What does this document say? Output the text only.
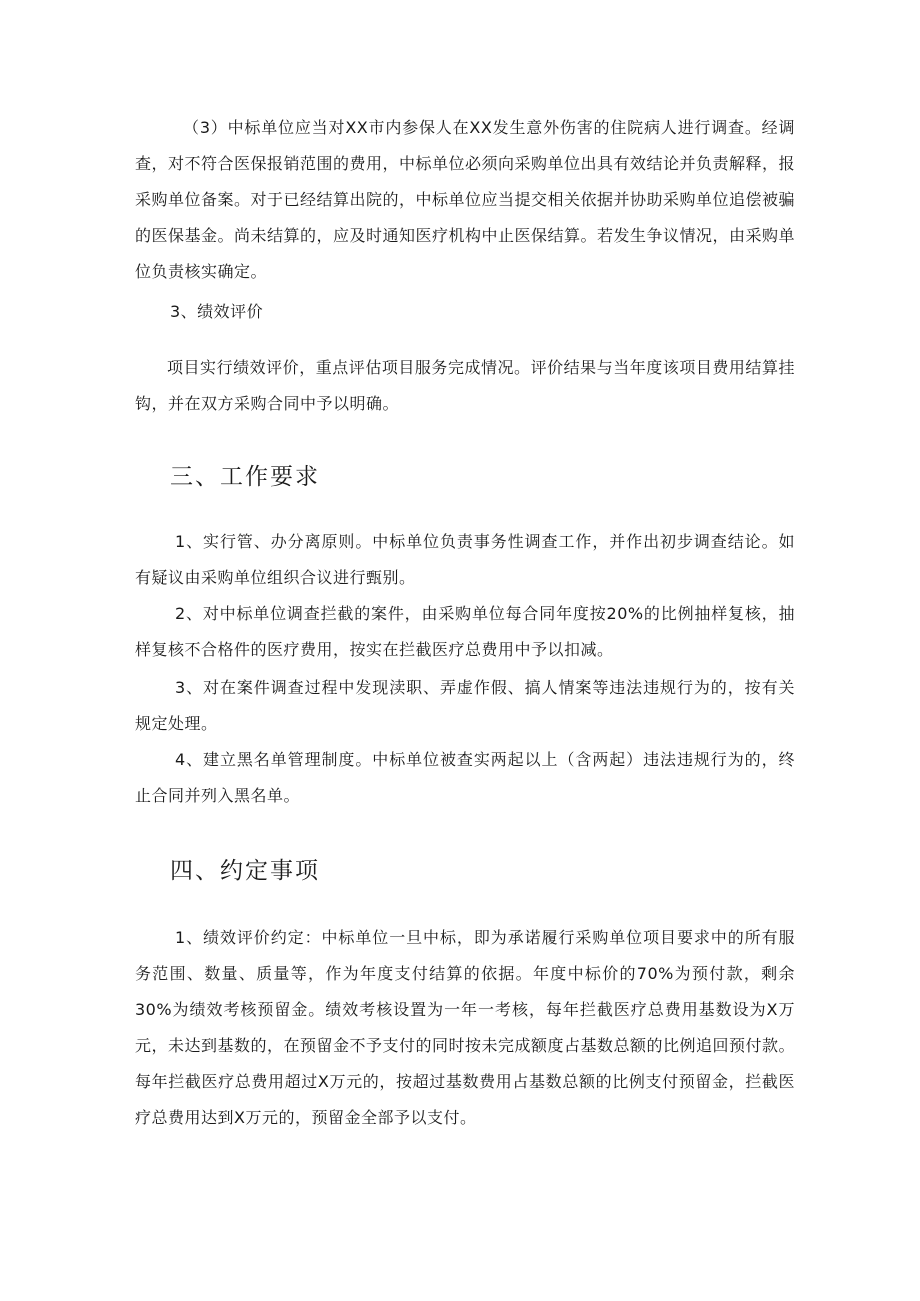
（3）中标单位应当对XX市内参保人在XX发生意外伤害的住院病人进行调查。经调查，对不符合医保报销范围的费用，中标单位必须向采购单位出具有效结论并负责解释，报采购单位备案。对于已经结算出院的，中标单位应当提交相关依据并协助采购单位追偿被骗的医保基金。尚未结算的，应及时通知医疗机构中止医保结算。若发生争议情况，由采购单位负责核实确定。

3、绩效评价

项目实行绩效评价，重点评估项目服务完成情况。评价结果与当年度该项目费用结算挂钩，并在双方采购合同中予以明确。

三、工作要求

1、实行管、办分离原则。中标单位负责事务性调查工作，并作出初步调查结论。如有疑议由采购单位组织合议进行甄别。

2、对中标单位调查拦截的案件，由采购单位每合同年度按20%的比例抽样复核，抽样复核不合格件的医疗费用，按实在拦截医疗总费用中予以扣减。

3、对在案件调查过程中发现渎职、弄虚作假、搞人情案等违法违规行为的，按有关规定处理。

4、建立黑名单管理制度。中标单位被查实两起以上（含两起）违法违规行为的，终止合同并列入黑名单。

四、约定事项

1、绩效评价约定：中标单位一旦中标，即为承诺履行采购单位项目要求中的所有服务范围、数量、质量等，作为年度支付结算的依据。年度中标价的70%为预付款，剩余30%为绩效考核预留金。绩效考核设置为一年一考核，每年拦截医疗总费用基数设为X万元，未达到基数的，在预留金不予支付的同时按未完成额度占基数总额的比例追回预付款。每年拦截医疗总费用超过X万元的，按超过基数费用占基数总额的比例支付预留金，拦截医疗总费用达到X万元的，预留金全部予以支付。
